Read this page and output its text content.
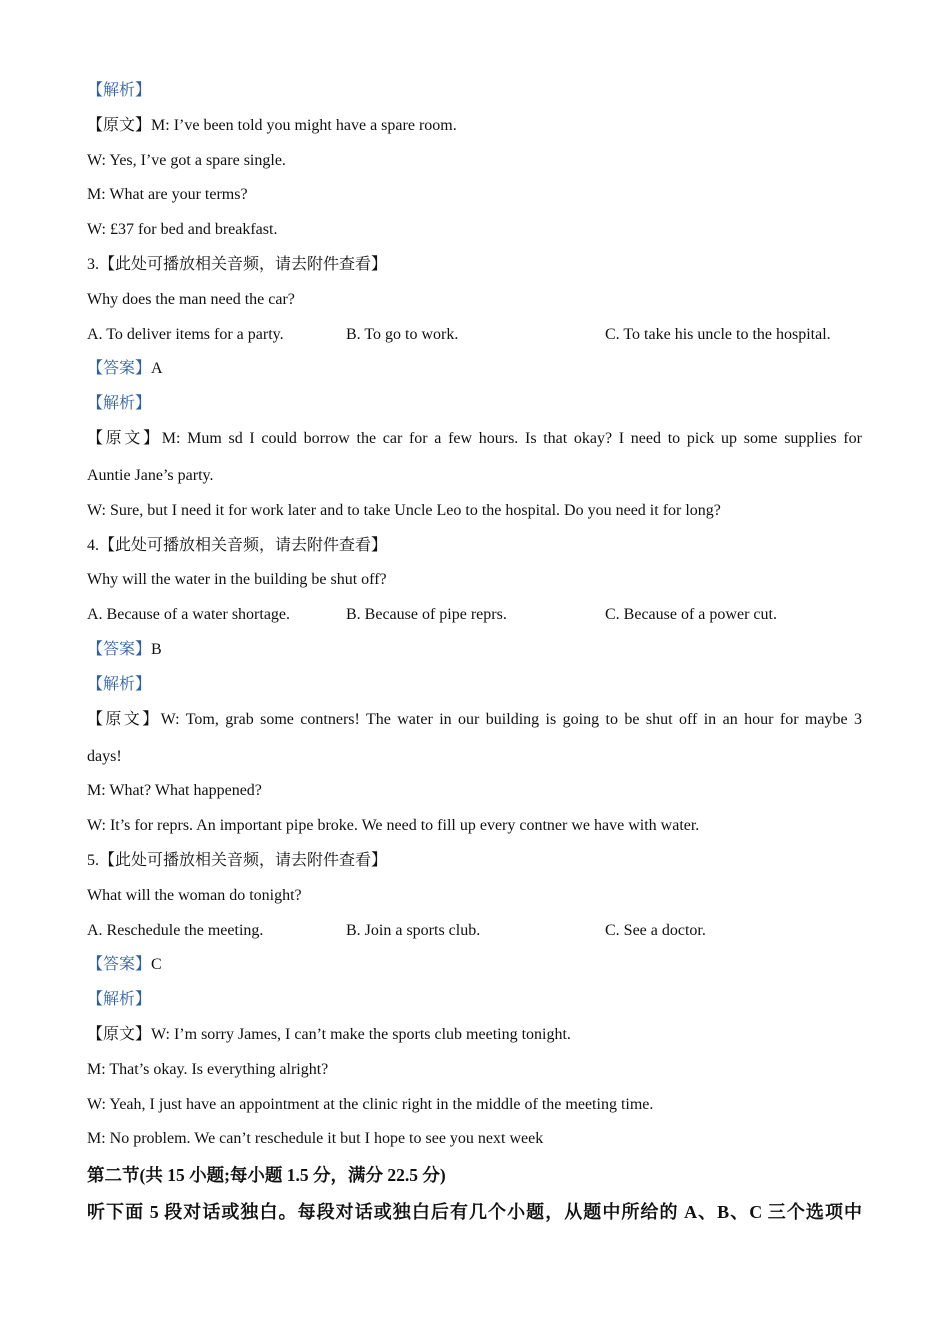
【解析】
【原文】M: I’ve been told you might have a spare room.
W: Yes, I’ve got a spare single.
M: What are your terms?
W: £37 for bed and breakfast.
3.【此处可播放相关音频，请去附件查看】
Why does the man need the car?
A. To deliver items for a party.	B. To go to work.	C. To take his uncle to the hospital.
【答案】A
【解析】
【原文】M: Mum sd I could borrow the car for a few hours. Is that okay? I need to pick up some supplies for
Auntie Jane’s party.
W: Sure, but I need it for work later and to take Uncle Leo to the hospital. Do you need it for long?
4.【此处可播放相关音频，请去附件查看】
Why will the water in the building be shut off?
A. Because of a water shortage.	B. Because of pipe reprs.	C. Because of a power cut.
【答案】B
【解析】
【原文】W: Tom, grab some contners! The water in our building is going to be shut off in an hour for maybe 3
days!
M: What? What happened?
W: It’s for reprs. An important pipe broke. We need to fill up every contner we have with water.
5.【此处可播放相关音频，请去附件查看】
What will the woman do tonight?
A. Reschedule the meeting.	B. Join a sports club.	C. See a doctor.
【答案】C
【解析】
【原文】W: I’m sorry James, I can’t make the sports club meeting tonight.
M: That’s okay. Is everything alright?
W: Yeah, I just have an appointment at the clinic right in the middle of the meeting time.
M: No problem. We can’t reschedule it but I hope to see you next week
第二节(共 15 小题;每小题 1.5 分，满分 22.5 分)
听下面 5 段对话或独白。每段对话或独白后有几个小题，从题中所给的 A、B、C 三个选项中
